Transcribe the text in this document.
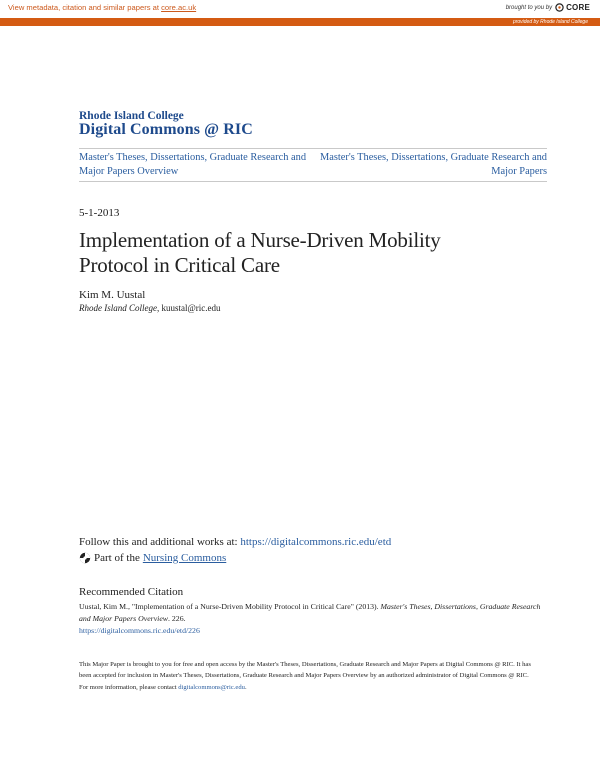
View metadata, citation and similar papers at core.ac.uk	brought to you by CORE
provided by Rhode Island College
Rhode Island College
Digital Commons @ RIC
Master's Theses, Dissertations, Graduate Research and Major Papers Overview
Master's Theses, Dissertations, Graduate Research and Major Papers
5-1-2013
Implementation of a Nurse-Driven Mobility Protocol in Critical Care
Kim M. Uustal
Rhode Island College, kuustal@ric.edu
Follow this and additional works at: https://digitalcommons.ric.edu/etd
Part of the Nursing Commons
Recommended Citation
Uustal, Kim M., "Implementation of a Nurse-Driven Mobility Protocol in Critical Care" (2013). Master's Theses, Dissertations, Graduate Research and Major Papers Overview. 226.
https://digitalcommons.ric.edu/etd/226
This Major Paper is brought to you for free and open access by the Master's Theses, Dissertations, Graduate Research and Major Papers at Digital Commons @ RIC. It has been accepted for inclusion in Master's Theses, Dissertations, Graduate Research and Major Papers Overview by an authorized administrator of Digital Commons @ RIC. For more information, please contact digitalcommons@ric.edu.
